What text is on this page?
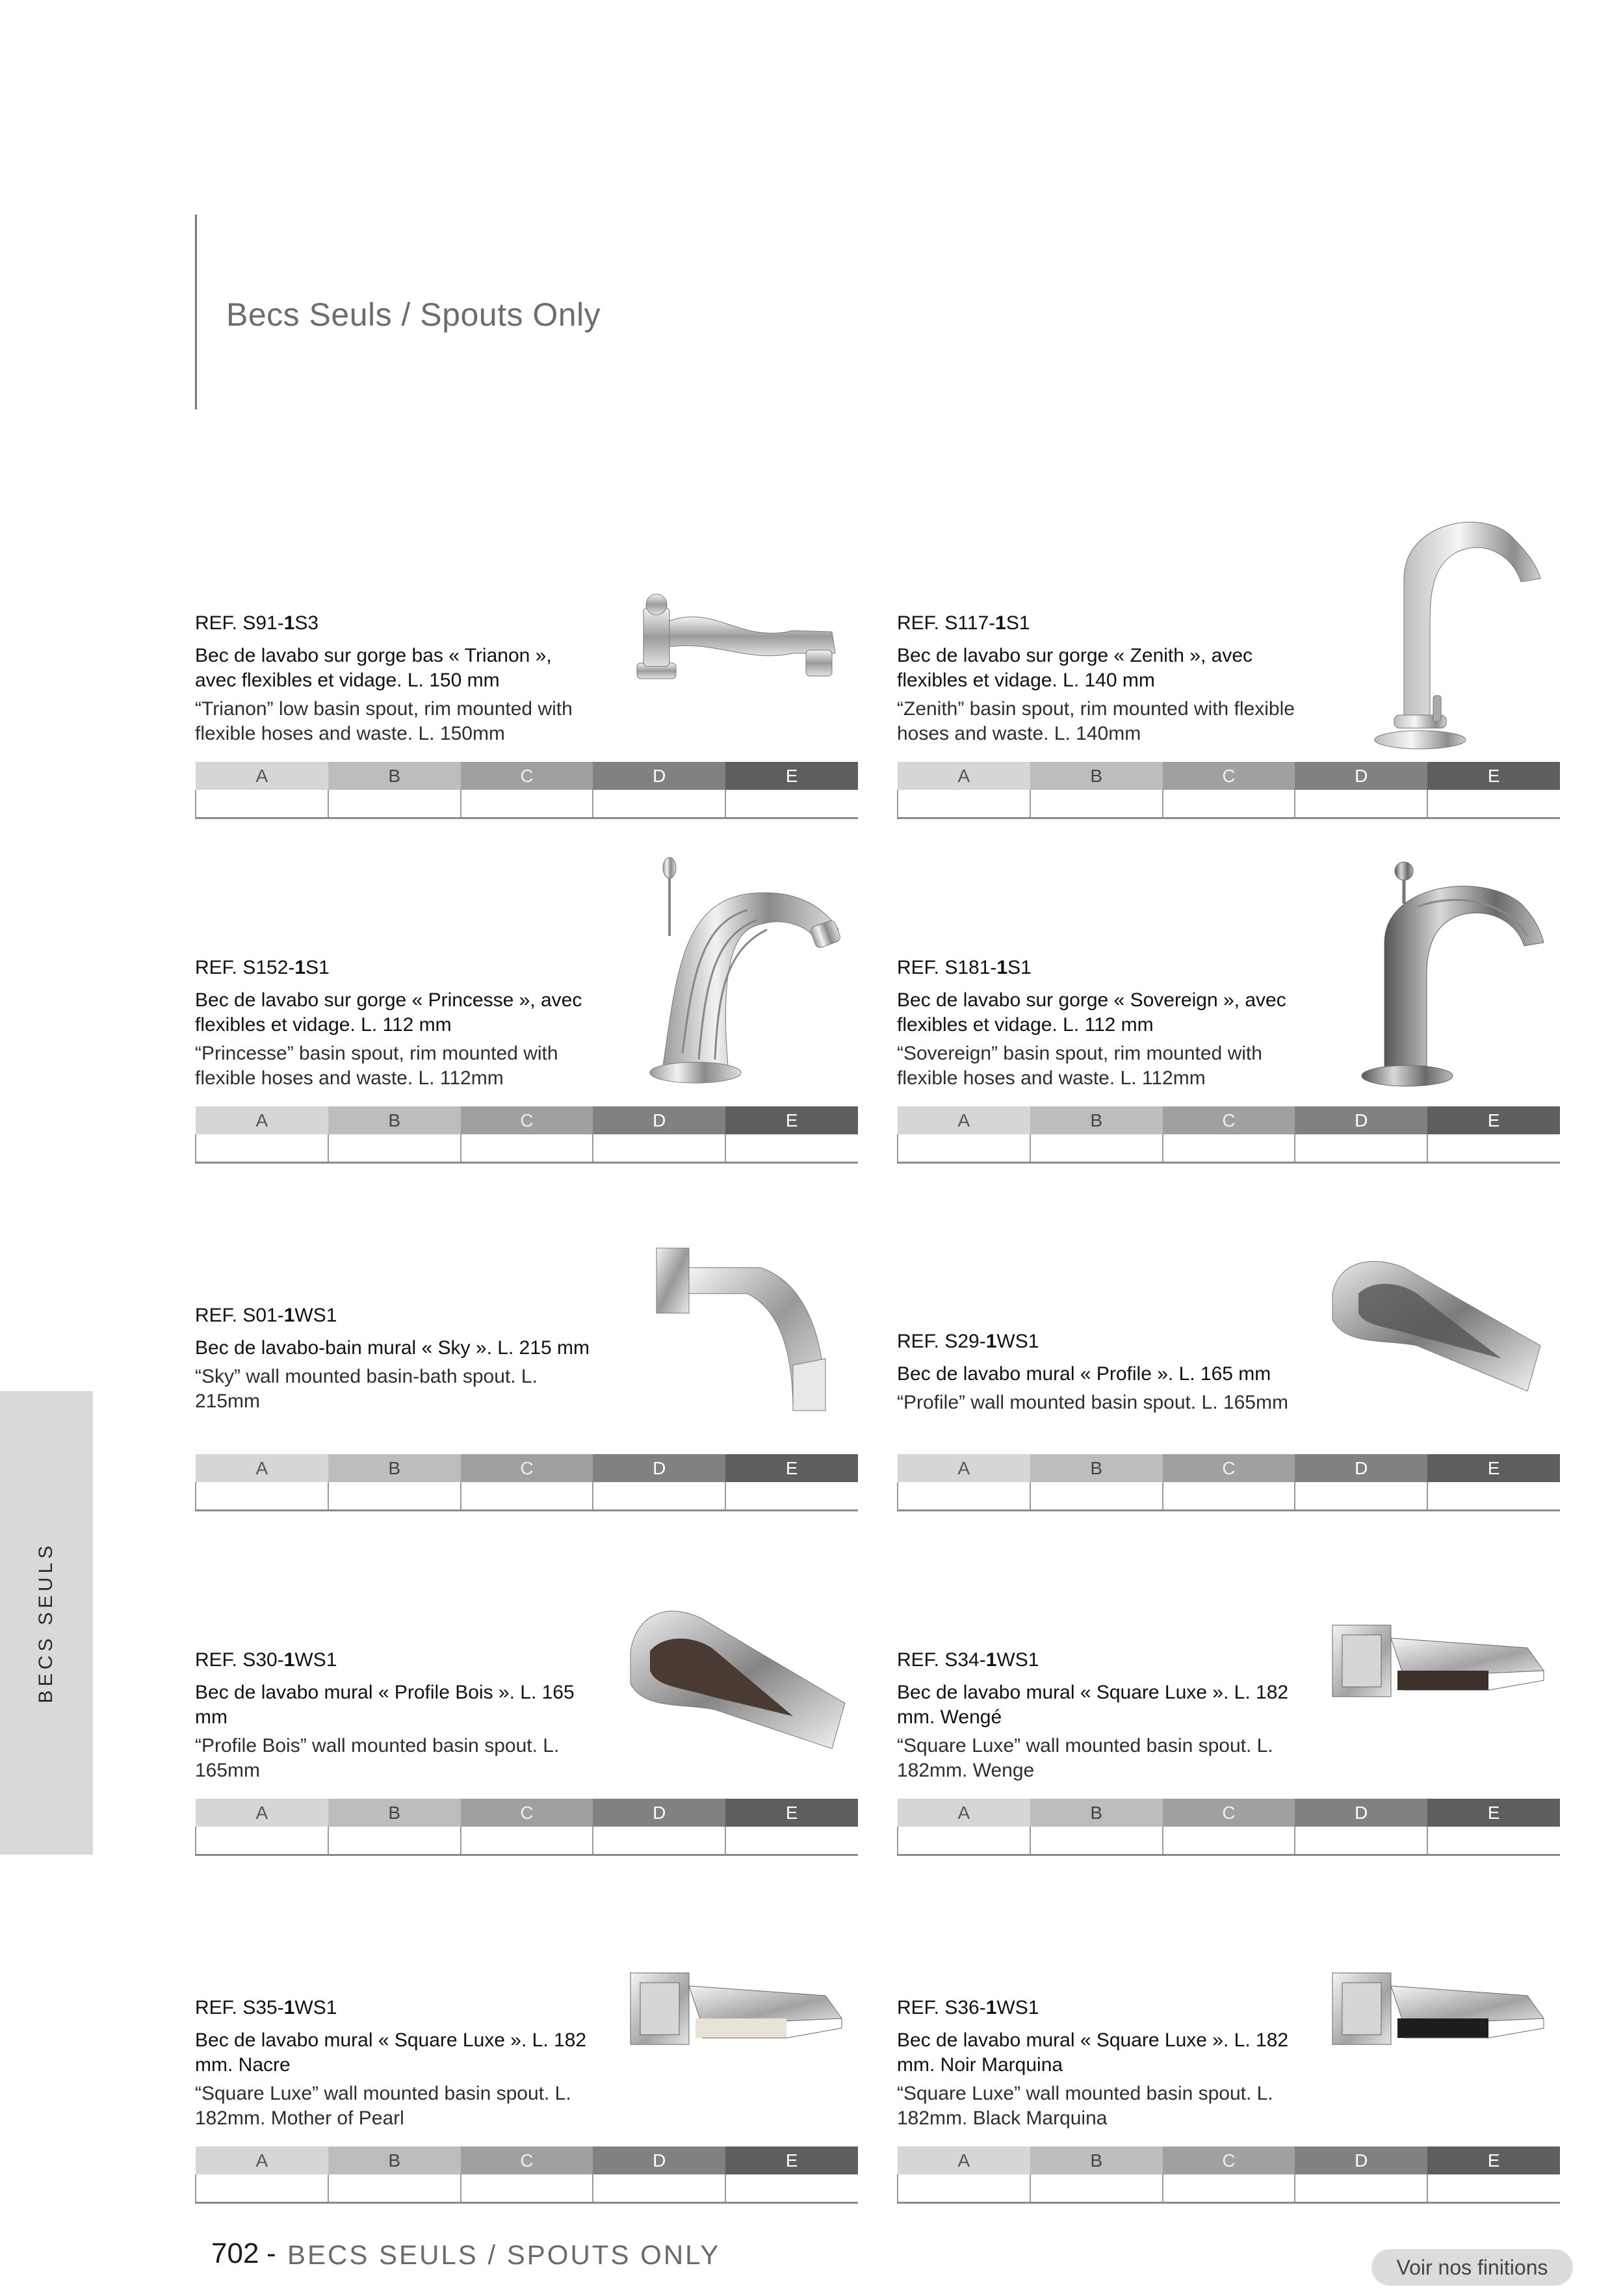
Becs Seuls / Spouts Only
BECS SEULS
REF. S91-1S3
Bec de lavabo sur gorge bas « Trianon », avec flexibles et vidage. L. 150 mm
“Trianon” low basin spout, rim mounted with flexible hoses and waste. L. 150mm
A	B	C	D	E

REF. S117-1S1
Bec de lavabo sur gorge « Zenith », avec flexibles et vidage. L. 140 mm
“Zenith” basin spout, rim mounted with flexible hoses and waste. L. 140mm
A	B	C	D	E

REF. S152-1S1
Bec de lavabo sur gorge « Princesse », avec flexibles et vidage. L. 112 mm
“Princesse” basin spout, rim mounted with flexible hoses and waste. L. 112mm
A	B	C	D	E

REF. S181-1S1
Bec de lavabo sur gorge « Sovereign », avec flexibles et vidage. L. 112 mm
“Sovereign” basin spout, rim mounted with flexible hoses and waste. L. 112mm
A	B	C	D	E

REF. S01-1WS1
Bec de lavabo-bain mural « Sky ». L. 215 mm
“Sky” wall mounted basin-bath spout. L. 215mm
A	B	C	D	E

REF. S29-1WS1
Bec de lavabo mural « Profile ». L. 165 mm
“Profile” wall mounted basin spout. L. 165mm
A	B	C	D	E

REF. S30-1WS1
Bec de lavabo mural « Profile Bois ». L. 165 mm
“Profile Bois” wall mounted basin spout. L. 165mm
A	B	C	D	E

REF. S34-1WS1
Bec de lavabo mural « Square Luxe ». L. 182 mm. Wengé
“Square Luxe” wall mounted basin spout. L. 182mm. Wenge
A	B	C	D	E

REF. S35-1WS1
Bec de lavabo mural « Square Luxe ». L. 182 mm. Nacre
“Square Luxe” wall mounted basin spout. L. 182mm. Mother of Pearl
A	B	C	D	E

REF. S36-1WS1
Bec de lavabo mural « Square Luxe ». L. 182 mm. Noir Marquina
“Square Luxe” wall mounted basin spout. L. 182mm. Black Marquina
A	B	C	D	E

702 - BECS SEULS / SPOUTS ONLY	Voir nos finitions
